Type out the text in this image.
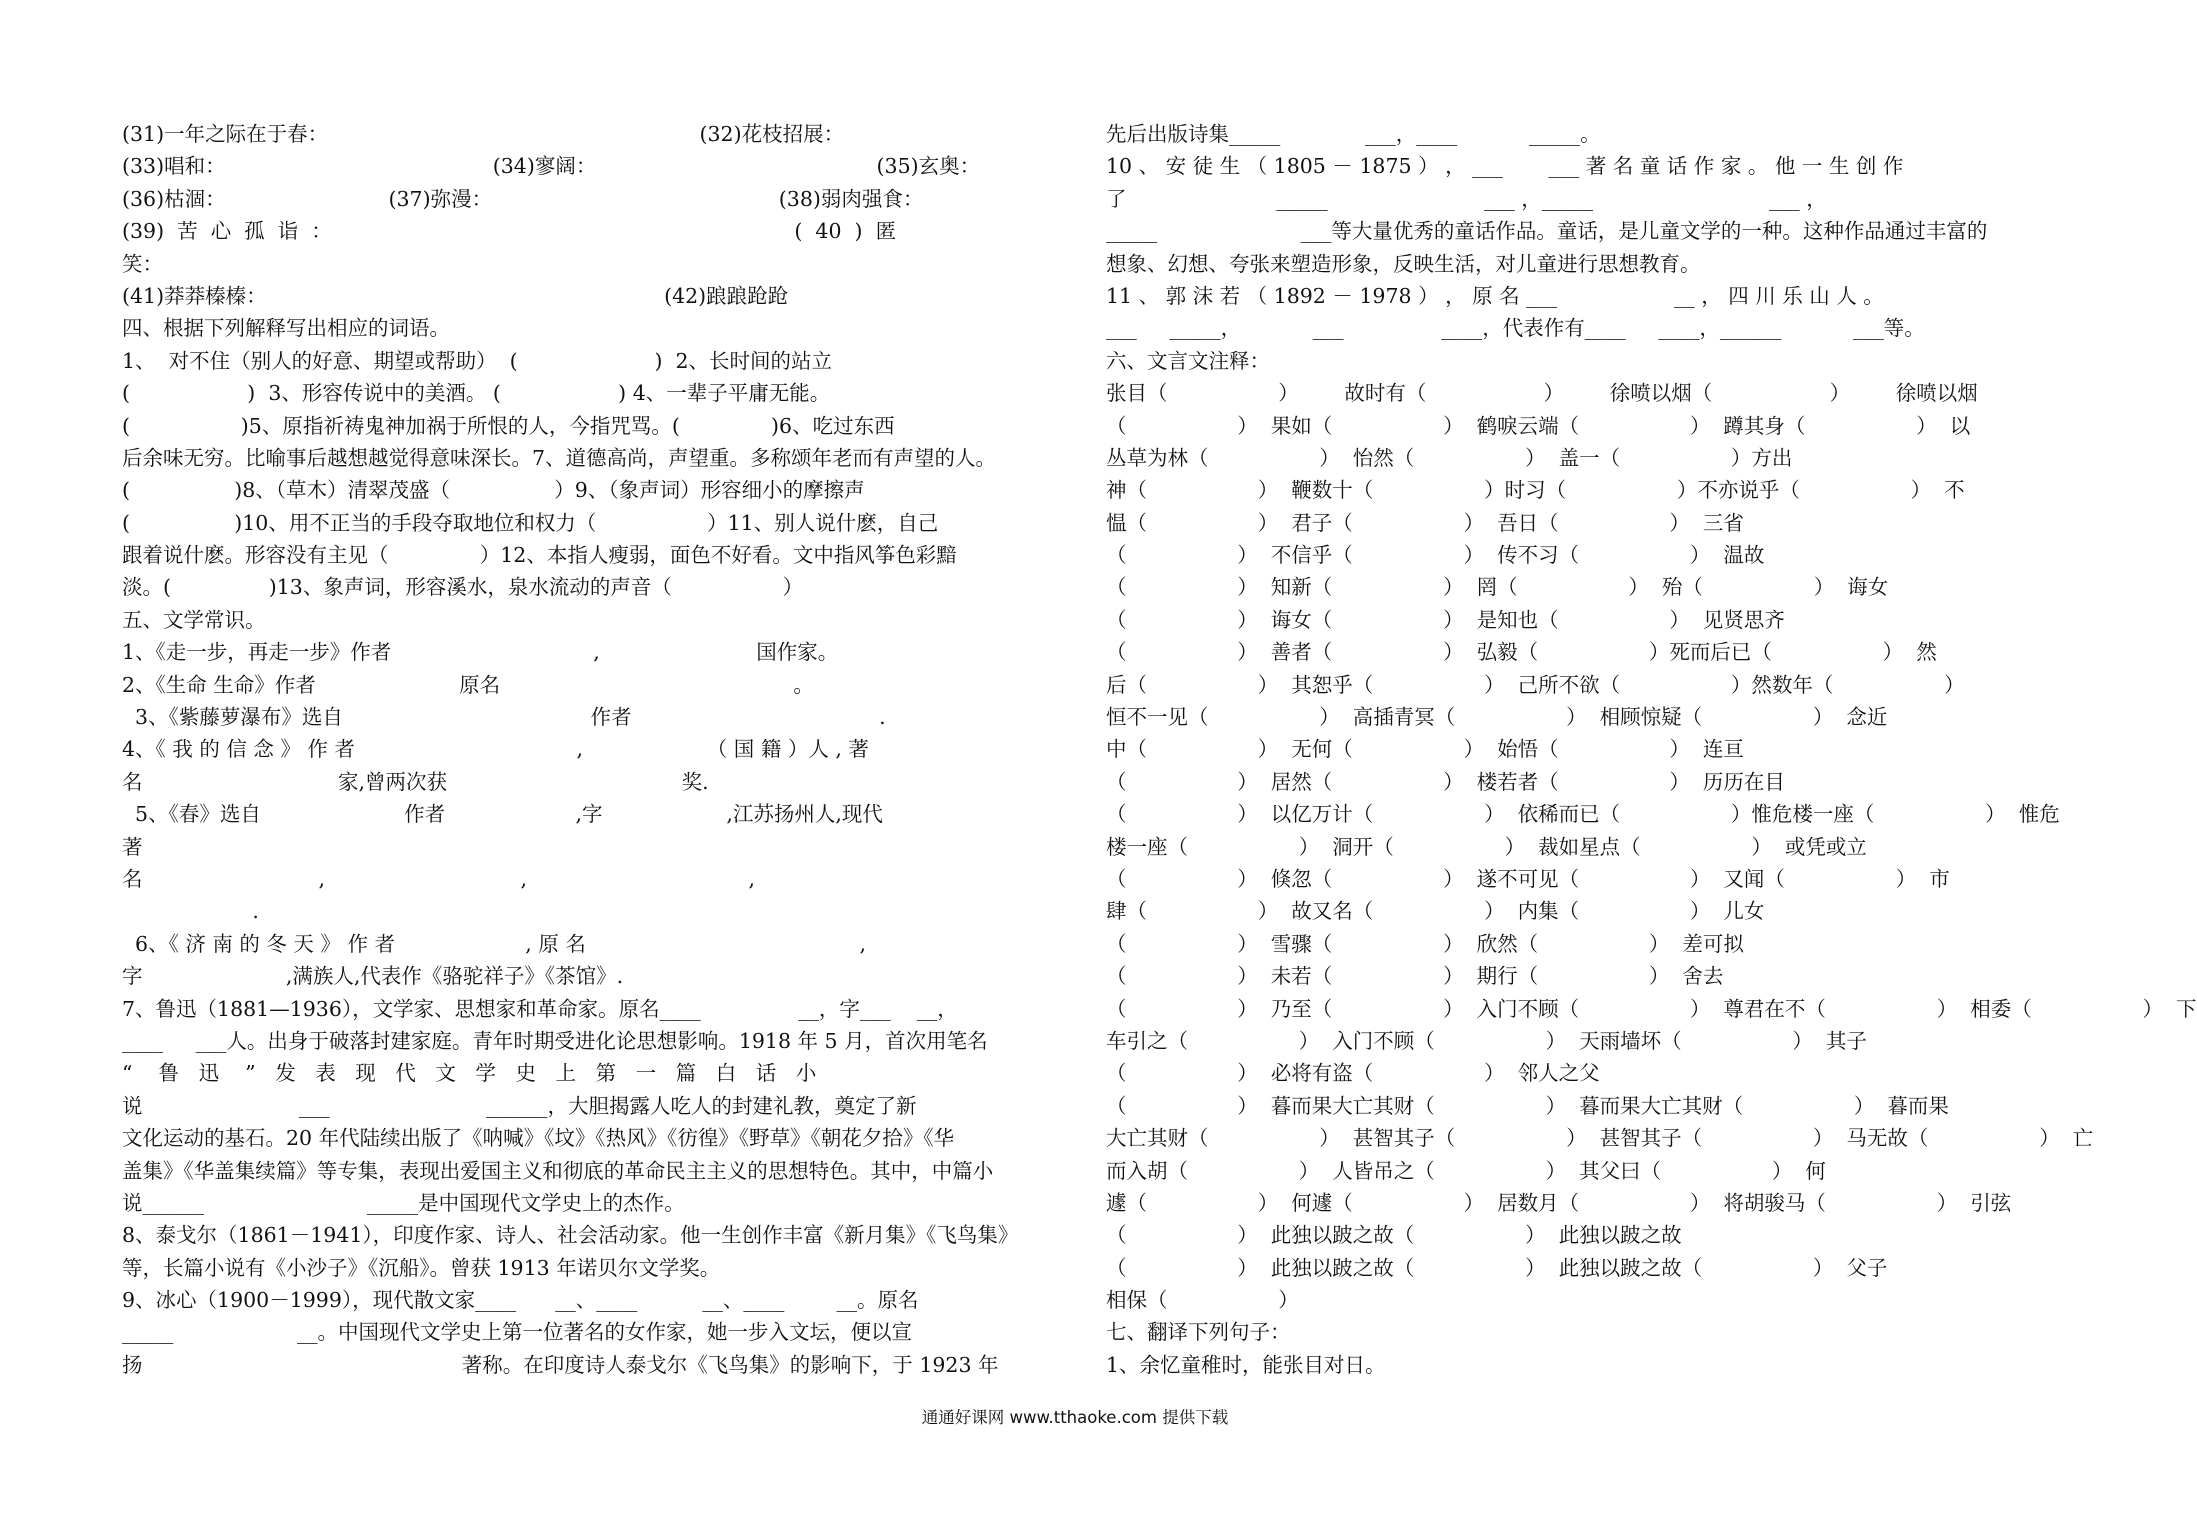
(31)一年之际在于春：                                                         (32)花枝招展：
(33)唱和：                                         (34)寥阔：                                           (35)玄奥：
(36)枯涸：                         (37)弥漫：                                            (38)弱肉强食：
(39)  苦  心  孤  诣  ：                                                                       (  40  )  匿
笑：
(41)莽莽榛榛：                                                             (42)踉踉跄跄
四、根据下列解释写出相应的词语。
1、  对不住（别人的好意、期望或帮助）  (                     )  2、长时间的站立
(                  )  3、形容传说中的美酒。 (                  ) 4、一辈子平庸无能。
(                 )5、原指祈祷鬼神加祸于所恨的人，今指咒骂。(              )6、吃过东西
后余味无穷。比喻事后越想越觉得意味深长。7、道德高尚，声望重。多称颂年老而有声望的人。
(                )8、（草木）清翠茂盛（                ）9、（象声词）形容细小的摩擦声
(                )10、用不正当的手段夺取地位和权力（                 ）11、别人说什麽，自己
跟着说什麽。形容没有主见（              ）12、本指人瘦弱，面色不好看。文中指风筝色彩黯
淡。(               )13、象声词，形容溪水，泉水流动的声音（                 ）
五、文学常识。
1、《走一步，再走一步》作者                               ,                        国作家。
2、《生命 生命》作者                      原名                                             。
3、《紫藤萝瀑布》选自                                      作者                                      .
4、《 我 的 信 念 》 作 者                                  ,                   （ 国 籍 ）人 , 著
名                              家,曾两次获                                    奖.
5、《春》选自                      作者                    ,字                   ,江苏扬州人,现代
著
名                           ,                              ,                                  ,
.
6、《 济 南 的 冬 天 》 作 者                    , 原 名                                          ,
字                      ,满族人,代表作《骆驼祥子》《茶馆》.
7、鲁迅（1881—1936），文学家、思想家和革命家。原名____               __，字___    __，
____     ___人。出身于破落封建家庭。青年时期受进化论思想影响。1918 年 5 月，首次用笔名
“    鲁   迅    ”   发   表   现   代   文   学   史   上   第   一   篇   白   话   小
说                        ___                        ______，大胆揭露人吃人的封建礼教，奠定了新
文化运动的基石。20 年代陆续出版了《呐喊》《坟》《热风》《彷徨》《野草》《朝花夕拾》《华
盖集》《华盖集续篇》等专集，表现出爱国主义和彻底的革命民主主义的思想特色。其中，中篇小
说______                         _____是中国现代文学史上的杰作。
8、泰戈尔（1861－1941），印度作家、诗人、社会活动家。他一生创作丰富《新月集》《飞鸟集》
等，长篇小说有《小沙子》《沉船》。曾获 1913 年诺贝尔文学奖。
9、冰心（1900－1999），现代散文家____      __、____          __、____        __。原名
_____                   __。中国现代文学史上第一位著名的女作家，她一步入文坛，便以宣
扬                                                 著称。在印度诗人泰戈尔《飞鸟集》的影响下，于 1923 年
先后出版诗集_____             ___，____           _____。
10 、 安 徒 生 （ 1805 － 1875 ） ， ___       ___ 著 名 童 话 作 家 。 他 一 生 创 作
了                       _____                        ___ ，_____                           ___ ，
_____                      ___等大量优秀的童话作品。童话，是儿童文学的一种。这种作品通过丰富的
想象、幻想、夸张来塑造形象，反映生活，对儿童进行思想教育。
11 、 郭 沫 若 （ 1892 － 1978 ） ， 原 名 ___                  __ ， 四 川 乐 山 人 。
___     _____，           ___               ____，代表作有____     ____，______           ___等。
六、文言文注释：
张目（                 ）       故时有（                  ）       徐喷以烟（                  ）       徐喷以烟
（                 ）  果如（                 ）  鹤唳云端（                 ）  蹲其身（                 ）  以
丛草为林（                 ）  怡然（                 ）  盖一（                 ）方出
神（                 ）  鞭数十（                 ）时习（                 ）不亦说乎（                 ）  不
愠（                 ）  君子（                 ）  吾日（                 ）  三省
（                 ）  不信乎（                 ）  传不习（                 ）  温故
（                 ）  知新（                 ）  罔（                 ）  殆（                 ）  诲女
（                 ）  诲女（                 ）  是知也（                 ）  见贤思齐
（                 ）  善者（                 ）  弘毅（                 ）死而后已（                 ）  然
后（                 ）  其恕乎（                 ）  己所不欲（                 ）然数年（                 ）
恒不一见（                 ）  高插青冥（                 ）  相顾惊疑（                 ）  念近
中（                 ）  无何（                 ）  始悟（                 ）  连亘
（                 ）  居然（                 ）  楼若者（                 ）  历历在目
（                 ）  以亿万计（                 ）  依稀而已（                 ）惟危楼一座（                 ）  惟危
楼一座（                 ）  洞开（                 ）  裁如星点（                 ）  或凭或立
（                 ）  倏忽（                 ）  遂不可见（                 ）  又闻（                 ）  市
肆（                 ）  故又名（                 ）  内集（                 ）  儿女
（                 ）  雪骤（                 ）  欣然（                 ）  差可拟
（                 ）  未若（                 ）  期行（                 ）  舍去
（                 ）  乃至（                 ）  入门不顾（                 ）  尊君在不（                 ）  相委（                 ）  下
车引之（                 ）  入门不顾（                 ）  天雨墙坏（                 ）  其子
（                 ）  必将有盗（                 ）  邻人之父
（                 ）  暮而果大亡其财（                 ）  暮而果大亡其财（                 ）  暮而果
大亡其财（                 ）  甚智其子（                 ）  甚智其子（                 ）  马无故（                 ）  亡
而入胡（                 ）  人皆吊之（                 ）  其父曰（                 ）  何
遽（                 ）  何遽（                 ）  居数月（                 ）  将胡骏马（                 ）  引弦
（                 ）  此独以跛之故（                 ）  此独以跛之故
（                 ）  此独以跛之故（                 ）  此独以跛之故（                 ）  父子
相保（                 ）
七、翻译下列句子：
1、余忆童稚时，能张目对日。
通通好课网 www.tthaoke.com 提供下载
